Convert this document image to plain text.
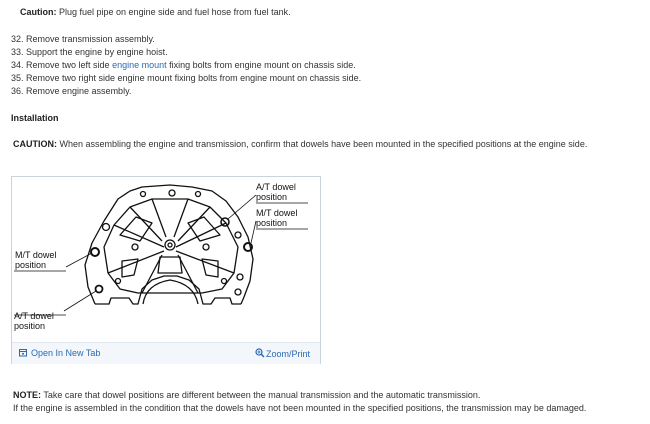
Caution: Plug fuel pipe on engine side and fuel hose from fuel tank.
32. Remove transmission assembly.
33. Support the engine by engine hoist.
34. Remove two left side engine mount fixing bolts from engine mount on chassis side.
35. Remove two right side engine mount fixing bolts from engine mount on chassis side.
36. Remove engine assembly.
Installation
CAUTION: When assembling the engine and transmission, confirm that dowels have been mounted in the specified positions at the engine side.
A/T dowel
position
M/T dowel
position
M/T dowel
position
A/T dowel
position
Open In New Tab	Zoom/Print
NOTE: Take care that dowel positions are different between the manual transmission and the automatic transmission.
If the engine is assembled in the condition that the dowels have not been mounted in the specified positions, the transmission may be damaged.
